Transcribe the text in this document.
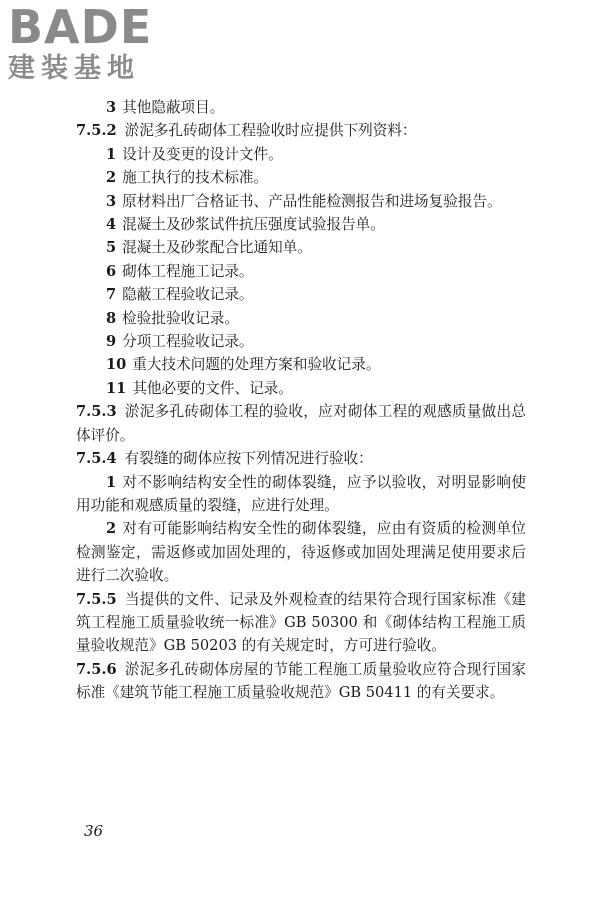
BADE
建装基地

3 其他隐蔽项目。

7.5.2 淤泥多孔砖砌体工程验收时应提供下列资料：

1 设计及变更的设计文件。

2 施工执行的技术标准。

3 原材料出厂合格证书、产品性能检测报告和进场复验报告。

4 混凝土及砂浆试件抗压强度试验报告单。

5 混凝土及砂浆配合比通知单。

6 砌体工程施工记录。

7 隐蔽工程验收记录。

8 检验批验收记录。

9 分项工程验收记录。

10 重大技术问题的处理方案和验收记录。

11 其他必要的文件、记录。

7.5.3 淤泥多孔砖砌体工程的验收，应对砌体工程的观感质量做出总体评价。

7.5.4 有裂缝的砌体应按下列情况进行验收：

1 对不影响结构安全性的砌体裂缝，应予以验收，对明显影响使用功能和观感质量的裂缝，应进行处理。

2 对有可能影响结构安全性的砌体裂缝，应由有资质的检测单位检测鉴定，需返修或加固处理的，待返修或加固处理满足使用要求后进行二次验收。

7.5.5 当提供的文件、记录及外观检查的结果符合现行国家标准《建筑工程施工质量验收统一标准》GB 50300 和《砌体结构工程施工质量验收规范》GB 50203 的有关规定时，方可进行验收。

7.5.6 淤泥多孔砖砌体房屋的节能工程施工质量验收应符合现行国家标准《建筑节能工程施工质量验收规范》GB 50411 的有关要求。

36
